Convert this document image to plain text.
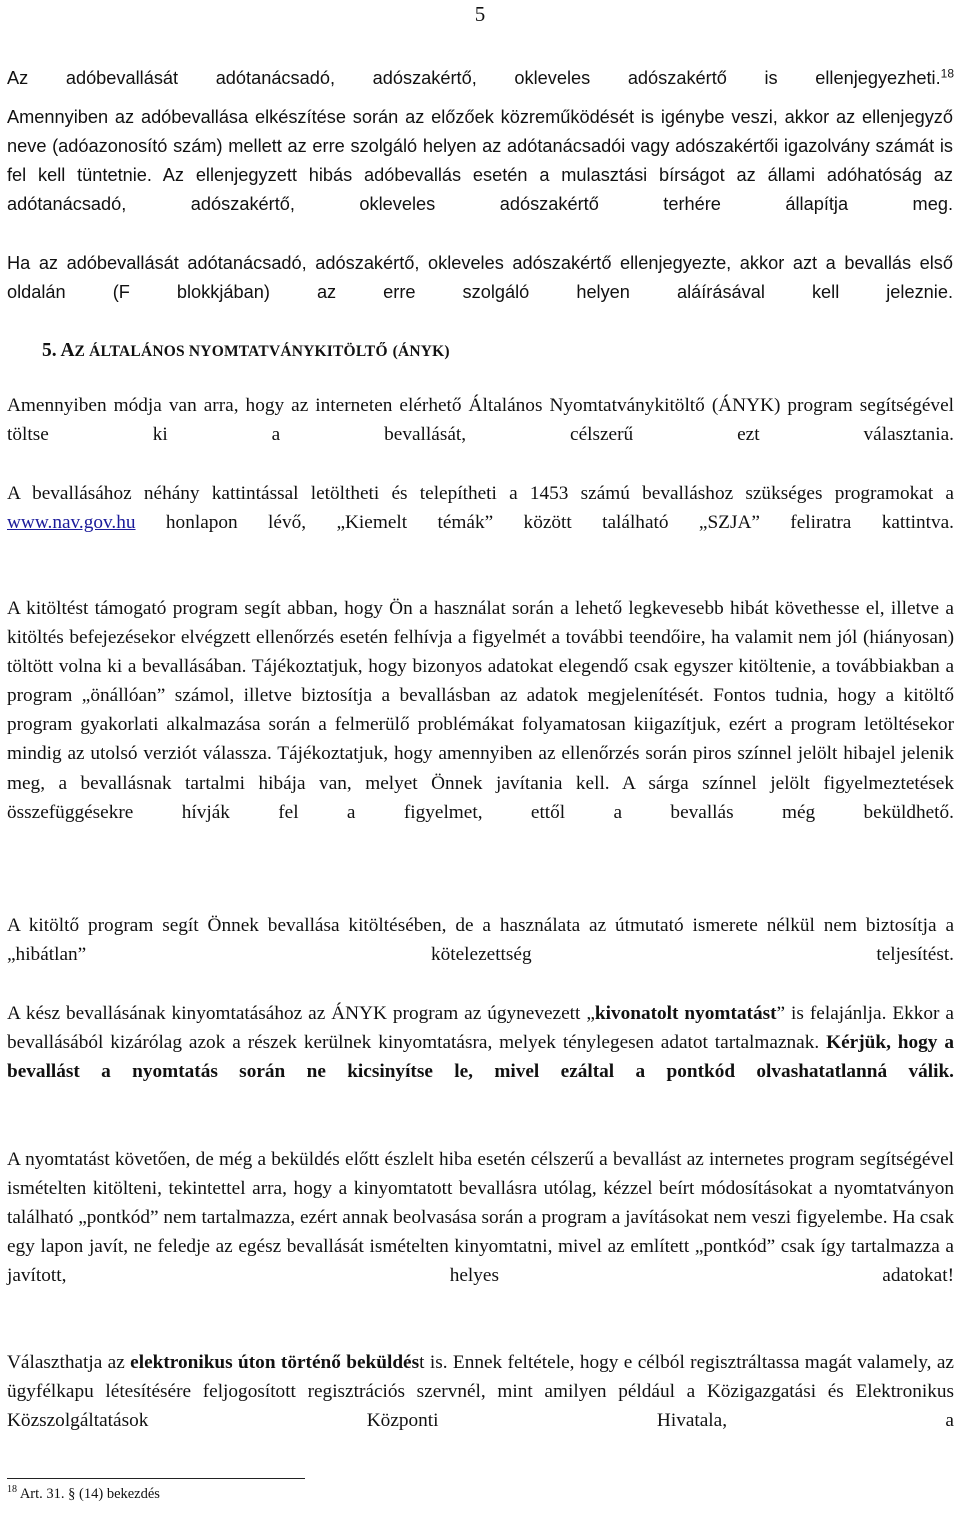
5

Az adóbevallását adótanácsadó, adószakértő, okleveles adószakértő is ellenjegyezheti.$^{18}$

Amennyiben az adóbevallása elkészítése során az előzőek közreműködését is igénybe veszi, akkor az ellenjegyző neve (adóazonosító szám) mellett az erre szolgáló helyen az adótanácsadói vagy adószakértői igazolvány számát is fel kell tüntetnie. Az ellenjegyzett hibás adóbevallás esetén a mulasztási bírságot az állami adóhatóság az adótanácsadó, adószakértő, okleveles adószakértő terhére állapítja meg.

Ha az adóbevallását adótanácsadó, adószakértő, okleveles adószakértő ellenjegyezte, akkor azt a bevallás első oldalán (F blokkjában) az erre szolgáló helyen aláírásával kell jeleznie.

5. AZ ÁLTALÁNOS NYOMTATVÁNYKITÖLTŐ (ÁNYK)

Amennyiben módja van arra, hogy az interneten elérhető Általános Nyomtatványkitöltő (ÁNYK) program segítségével töltse ki a bevallását, célszerű ezt választania.

A bevallásához néhány kattintással letöltheti és telepítheti a 1453 számú bevalláshoz szükséges programokat a www.nav.gov.hu honlapon lévő, „Kiemelt témák” között található „SZJA” feliratra kattintva.

A kitöltést támogató program segít abban, hogy Ön a használat során a lehető legkevesebb hibát követhesse el, illetve a kitöltés befejezésekor elvégzett ellenőrzés esetén felhívja a figyelmét a további teendőire, ha valamit nem jól (hiányosan) töltött volna ki a bevallásában. Tájékoztatjuk, hogy bizonyos adatokat elegendő csak egyszer kitöltenie, a továbbiakban a program „önállóan” számol, illetve biztosítja a bevallásban az adatok megjelenítését. Fontos tudnia, hogy a kitöltő program gyakorlati alkalmazása során a felmerülő problémákat folyamatosan kiigazítjuk, ezért a program letöltésekor mindig az utolsó verziót válassza. Tájékoztatjuk, hogy amennyiben az ellenőrzés során piros színnel jelölt hibajel jelenik meg, a bevallásnak tartalmi hibája van, melyet Önnek javítania kell. A sárga színnel jelölt figyelmeztetések összefüggésekre hívják fel a figyelmet, ettől a bevallás még beküldhető.

A kitöltő program segít Önnek bevallása kitöltésében, de a használata az útmutató ismerete nélkül nem biztosítja a „hibátlan” kötelezettség teljesítést.

A kész bevallásának kinyomtatásához az ÁNYK program az úgynevezett „kivonatolt nyomtatást” is felajánlja. Ekkor a bevallásából kizárólag azok a részek kerülnek kinyomtatásra, melyek ténylegesen adatot tartalmaznak. Kérjük, hogy a bevallást a nyomtatás során ne kicsinyítse le, mivel ezáltal a pontkód olvashatatlanná válik.

A nyomtatást követően, de még a beküldés előtt észlelt hiba esetén célszerű a bevallást az internetes program segítségével ismételten kitölteni, tekintettel arra, hogy a kinyomtatott bevallásra utólag, kézzel beírt módosításokat a nyomtatványon található „pontkód” nem tartalmazza, ezért annak beolvasása során a program a javításokat nem veszi figyelembe. Ha csak egy lapon javít, ne feledje az egész bevallását ismételten kinyomtatni, mivel az említett „pontkód” csak így tartalmazza a javított, helyes adatokat!

Választhatja az elektronikus úton történő beküldést is. Ennek feltétele, hogy e célból regisztráltassa magát valamely, az ügyfélkapu létesítésére feljogosított regisztrációs szervnél, mint amilyen például a Közigazgatási és Elektronikus Közszolgáltatások Központi Hivatala, a

$^{18}$ Art. 31. § (14) bekezdés
